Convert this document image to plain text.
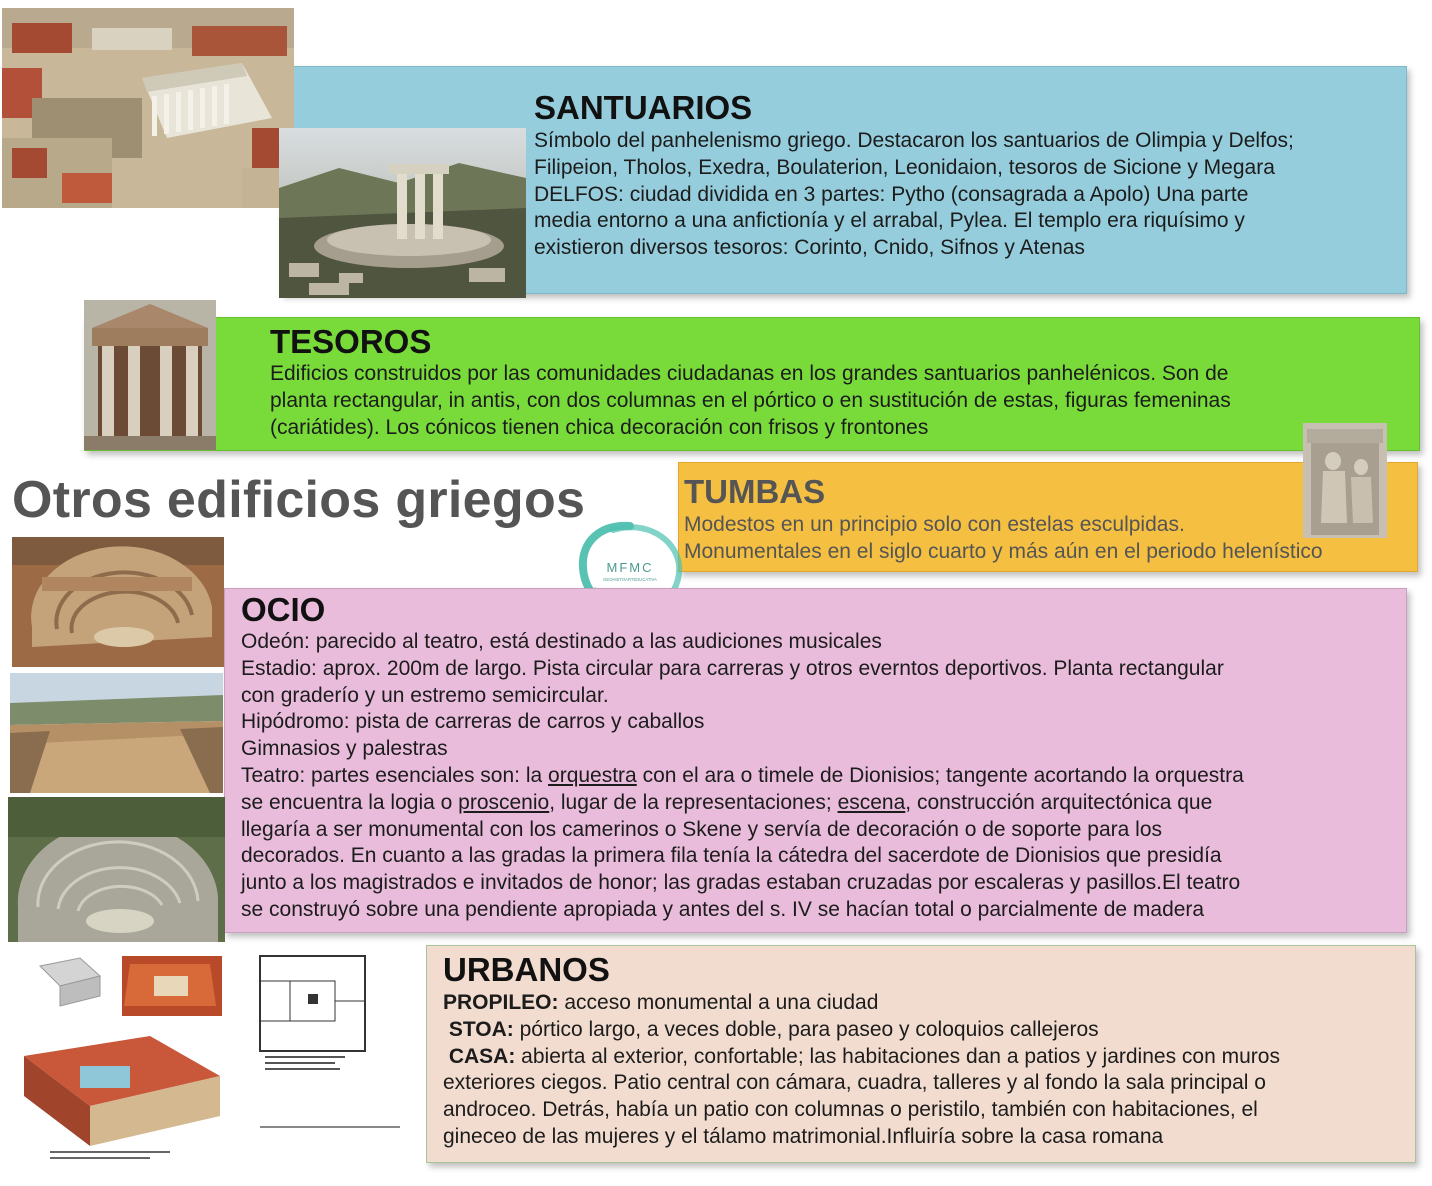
SANTUARIOS
Símbolo del panhelenismo griego. Destacaron los santuarios de Olimpia y Delfos;
Filipeion, Tholos, Exedra, Boulaterion, Leonidaion, tesoros de Sicione y Megara
DELFOS: ciudad dividida en 3 partes: Pytho (consagrada a Apolo) Una parte
media entorno a una anfictionía y el arrabal, Pylea. El templo era riquísimo y
existieron diversos tesoros: Corinto, Cnido, Sifnos y Atenas
TESOROS
Edificios construidos por las comunidades ciudadanas en los grandes santuarios panhelénicos. Son de
planta rectangular, in antis, con dos columnas en el pórtico o en sustitución de estas, figuras femeninas
(cariátides). Los cónicos tienen chica decoración con frisos y frontones
Otros edificios griegos	TUMBAS
Modestos en un principio solo con estelas esculpidas.
Monumentales en el siglo cuarto y más aún en el periodo helenístico
MFMC
GEOHISTOARTEDUCATIVA
OCIO
Odeón: parecido al teatro, está destinado a las audiciones musicales
Estadio: aprox. 200m de largo. Pista circular para carreras y otros everntos deportivos. Planta rectangular
con graderío y un estremo semicircular.
Hipódromo: pista de carreras de carros y caballos
Gimnasios y palestras
Teatro: partes esenciales son: la orquestra con el ara o timele de Dionisios; tangente acortando la orquestra
se encuentra la logia o proscenio, lugar de la representaciones; escena, construcción arquitectónica que
llegaría a ser monumental con los camerinos o Skene y servía de decoración o de soporte para los
decorados. En cuanto a las gradas la primera fila tenía la cátedra del sacerdote de Dionisios que presidía
junto a los magistrados e invitados de honor; las gradas estaban cruzadas por escaleras y pasillos.El teatro
se construyó sobre una pendiente apropiada y antes del s. IV se hacían total o parcialmente de madera
URBANOS
PROPILEO: acceso monumental a una ciudad
STOA: pórtico largo, a veces doble, para paseo y coloquios callejeros
CASA: abierta al exterior, confortable; las habitaciones dan a patios y jardines con muros
exteriores ciegos. Patio central con cámara, cuadra, talleres y al fondo la sala principal o
androceo. Detrás, había un patio con columnas o peristilo, también con habitaciones, el
gineceo de las mujeres y el tálamo matrimonial.Influiría sobre la casa romana
